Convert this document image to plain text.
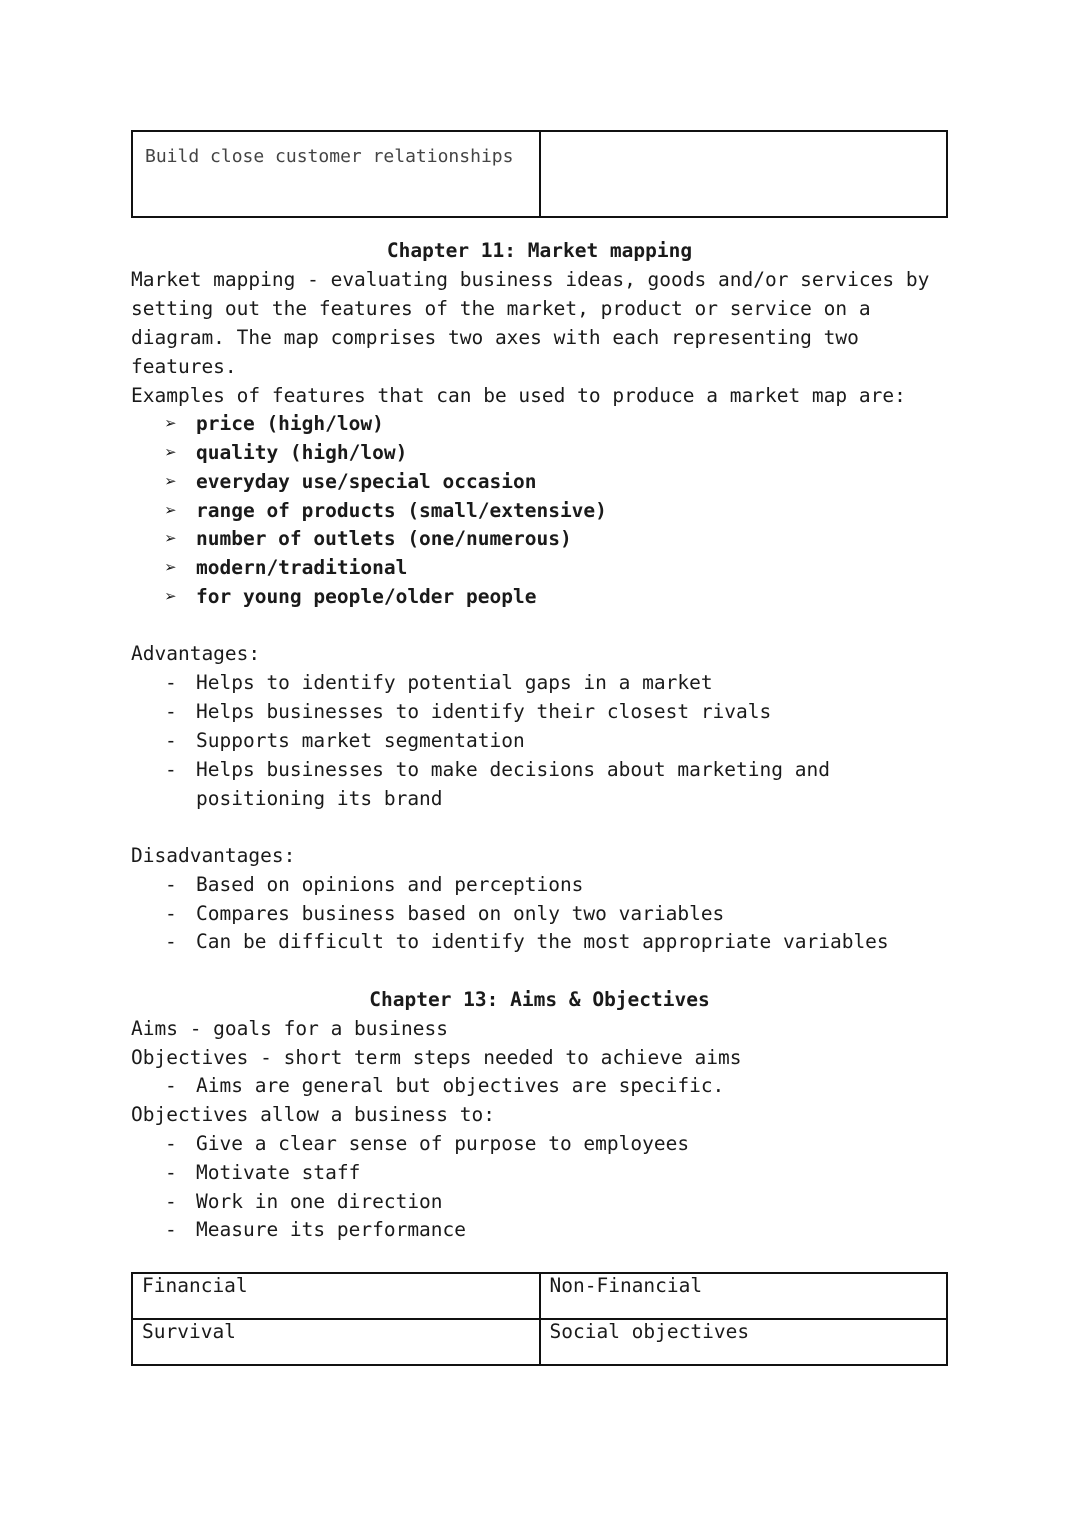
Build close customer relationships	
Chapter 11: Market mapping
Market mapping - evaluating business ideas, goods and/or services by
setting out the features of the market, product or service on a
diagram. The map comprises two axes with each representing two
features.
Examples of features that can be used to produce a market map are:
➢ price (high/low)
➢ quality (high/low)
➢ everyday use/special occasion
➢ range of products (small/extensive)
➢ number of outlets (one/numerous)
➢ modern/traditional
➢ for young people/older people
Advantages:
- Helps to identify potential gaps in a market
- Helps businesses to identify their closest rivals
- Supports market segmentation
- Helps businesses to make decisions about marketing and
positioning its brand
Disadvantages:
- Based on opinions and perceptions
- Compares business based on only two variables
- Can be difficult to identify the most appropriate variables
Chapter 13: Aims & Objectives
Aims - goals for a business
Objectives - short term steps needed to achieve aims
- Aims are general but objectives are specific.
Objectives allow a business to:
- Give a clear sense of purpose to employees
- Motivate staff
- Work in one direction
- Measure its performance
Financial	Non-Financial
Survival	Social objectives
